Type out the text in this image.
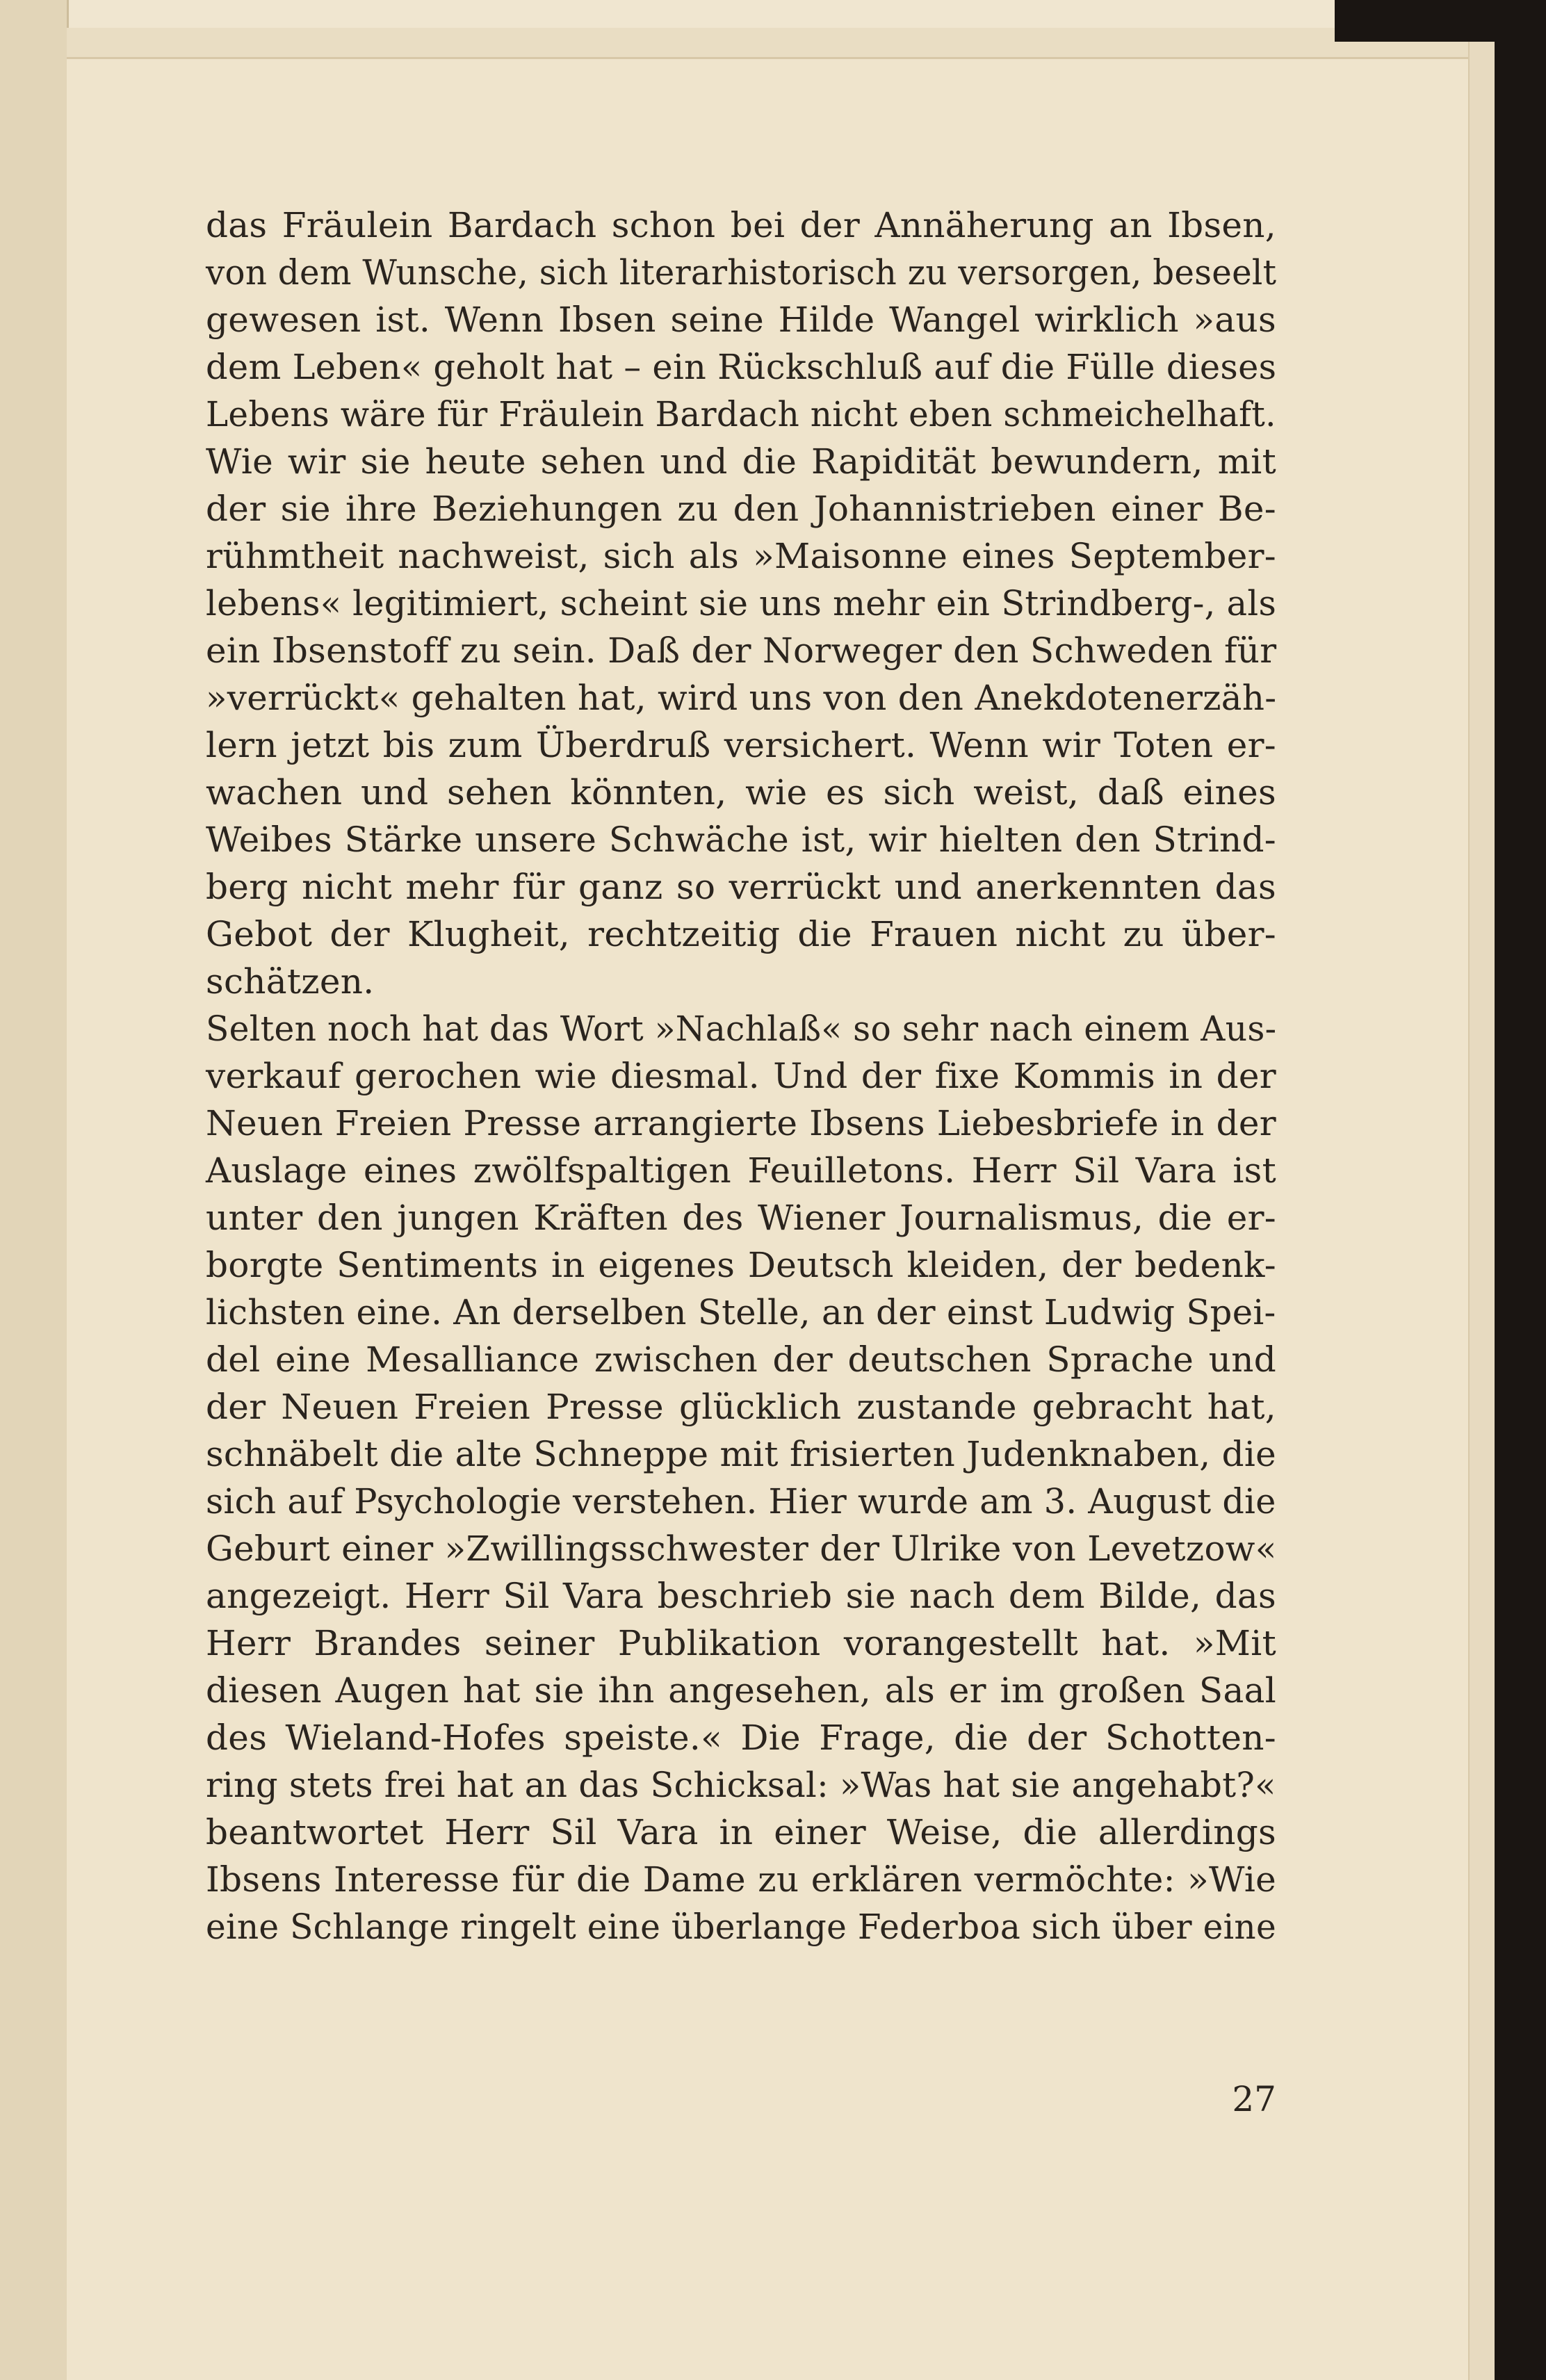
das Fräulein Bardach schon bei der Annäherung an Ibsen,
von dem Wunsche, sich literarhistorisch zu versorgen, beseelt
gewesen ist. Wenn Ibsen seine Hilde Wangel wirklich »aus
dem Leben« geholt hat – ein Rückschluß auf die Fülle dieses
Lebens wäre für Fräulein Bardach nicht eben schmeichelhaft.
Wie wir sie heute sehen und die Rapidität bewundern, mit
der sie ihre Beziehungen zu den Johannistrieben einer Be-
rühmtheit nachweist, sich als »Maisonne eines September-
lebens« legitimiert, scheint sie uns mehr ein Strindberg-, als
ein Ibsenstoff zu sein. Daß der Norweger den Schweden für
»verrückt« gehalten hat, wird uns von den Anekdotenerzäh-
lern jetzt bis zum Überdruß versichert. Wenn wir Toten er-
wachen und sehen könnten, wie es sich weist, daß eines
Weibes Stärke unsere Schwäche ist, wir hielten den Strind-
berg nicht mehr für ganz so verrückt und anerkennten das
Gebot der Klugheit, rechtzeitig die Frauen nicht zu über-
schätzen.
Selten noch hat das Wort »Nachlaß« so sehr nach einem Aus-
verkauf gerochen wie diesmal. Und der fixe Kommis in der
Neuen Freien Presse arrangierte Ibsens Liebesbriefe in der
Auslage eines zwölfspaltigen Feuilletons. Herr Sil Vara ist
unter den jungen Kräften des Wiener Journalismus, die er-
borgte Sentiments in eigenes Deutsch kleiden, der bedenk-
lichsten eine. An derselben Stelle, an der einst Ludwig Spei-
del eine Mesalliance zwischen der deutschen Sprache und
der Neuen Freien Presse glücklich zustande gebracht hat,
schnäbelt die alte Schneppe mit frisierten Judenknaben, die
sich auf Psychologie verstehen. Hier wurde am 3. August die
Geburt einer »Zwillingsschwester der Ulrike von Levetzow«
angezeigt. Herr Sil Vara beschrieb sie nach dem Bilde, das
Herr Brandes seiner Publikation vorangestellt hat. »Mit
diesen Augen hat sie ihn angesehen, als er im großen Saal
des Wieland-Hofes speiste.« Die Frage, die der Schotten-
ring stets frei hat an das Schicksal: »Was hat sie angehabt?«
beantwortet Herr Sil Vara in einer Weise, die allerdings
Ibsens Interesse für die Dame zu erklären vermöchte: »Wie
eine Schlange ringelt eine überlange Federboa sich über eine
27
